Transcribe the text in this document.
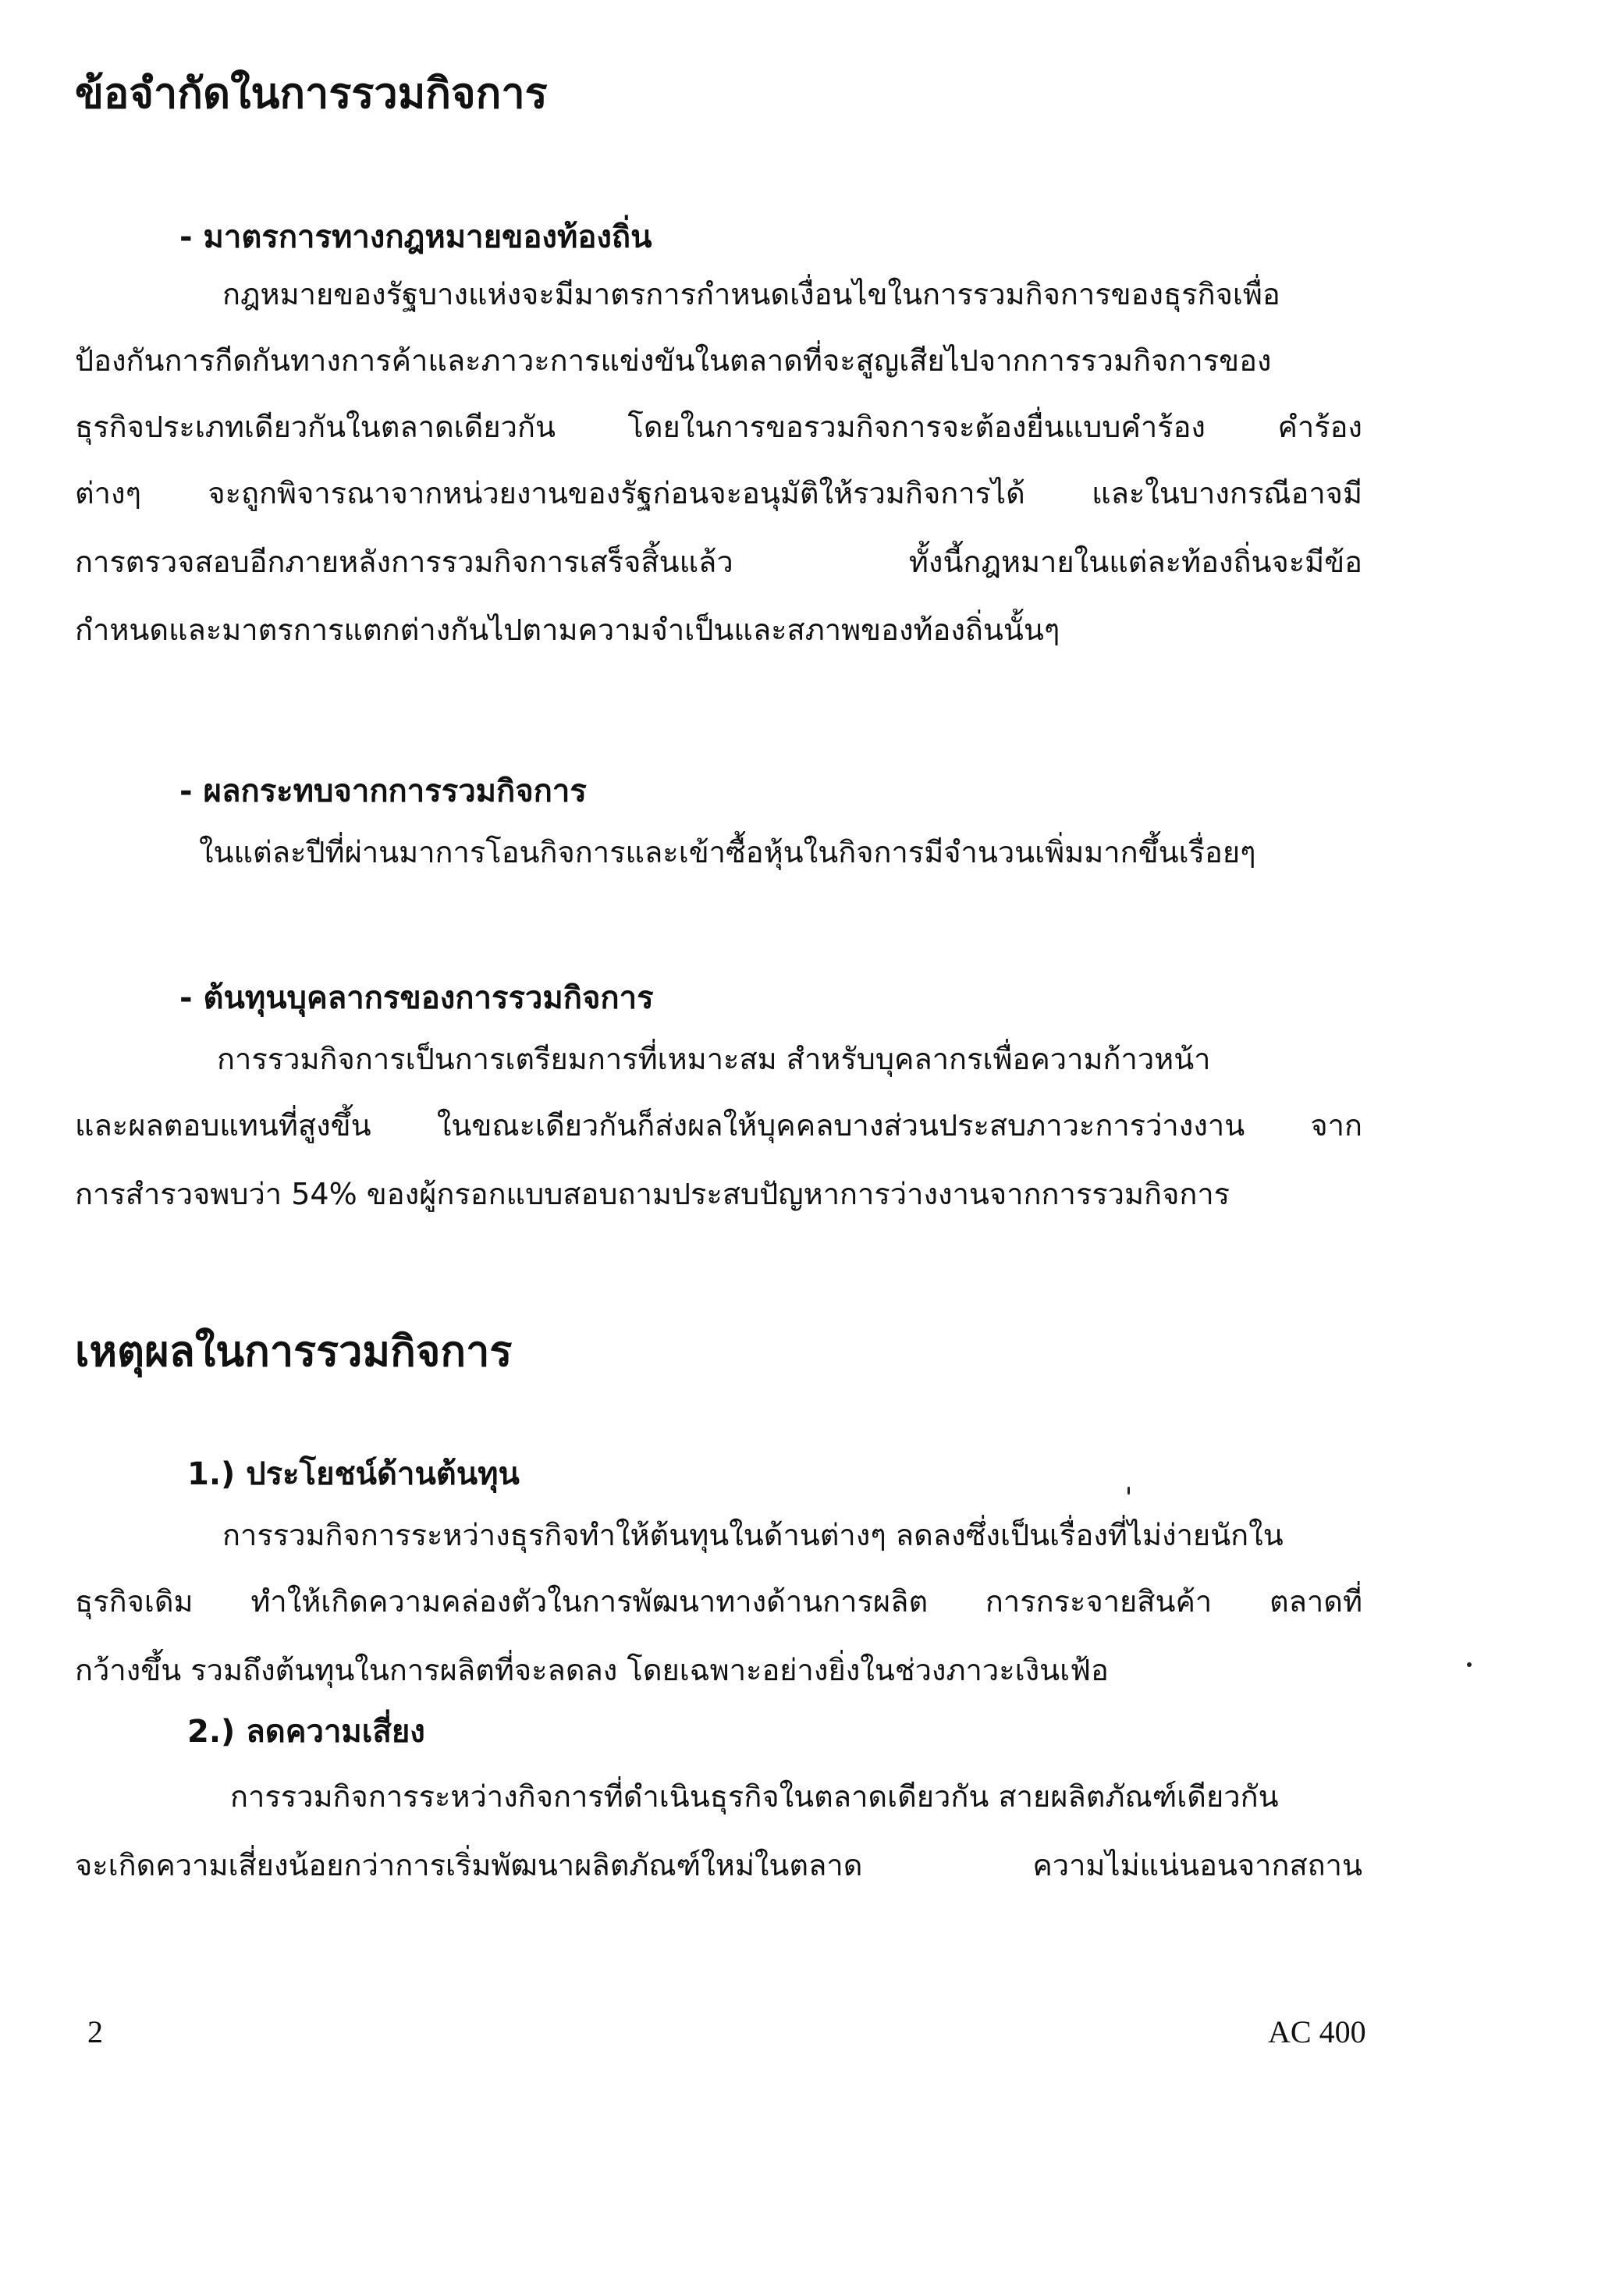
ข้อจำกัดในการรวมกิจการ
- มาตรการทางกฎหมายของท้องถิ่น
กฎหมายของรัฐบางแห่งจะมีมาตรการกำหนดเงื่อนไขในการรวมกิจการของธุรกิจเพื่อ
ป้องกันการกีดกันทางการค้าและภาวะการแข่งขันในตลาดที่จะสูญเสียไปจากการรวมกิจการของ
ธุรกิจประเภทเดียวกันในตลาดเดียวกัน โดยในการขอรวมกิจการจะต้องยื่นแบบคำร้อง คำร้อง
ต่างๆ จะถูกพิจารณาจากหน่วยงานของรัฐก่อนจะอนุมัติให้รวมกิจการได้ และในบางกรณีอาจมี
การตรวจสอบอีกภายหลังการรวมกิจการเสร็จสิ้นแล้ว ทั้งนี้กฎหมายในแต่ละท้องถิ่นจะมีข้อ
กำหนดและมาตรการแตกต่างกันไปตามความจำเป็นและสภาพของท้องถิ่นนั้นๆ
- ผลกระทบจากการรวมกิจการ
ในแต่ละปีที่ผ่านมาการโอนกิจการและเข้าซื้อหุ้นในกิจการมีจำนวนเพิ่มมากขึ้นเรื่อยๆ
- ต้นทุนบุคลากรของการรวมกิจการ
การรวมกิจการเป็นการเตรียมการที่เหมาะสม สำหรับบุคลากรเพื่อความก้าวหน้า
และผลตอบแทนที่สูงขึ้น ในขณะเดียวกันก็ส่งผลให้บุคคลบางส่วนประสบภาวะการว่างงาน จาก
การสำรวจพบว่า 54% ของผู้กรอกแบบสอบถามประสบปัญหาการว่างงานจากการรวมกิจการ
เหตุผลในการรวมกิจการ
1.) ประโยชน์ด้านต้นทุน
การรวมกิจการระหว่างธุรกิจทำให้ต้นทุนในด้านต่างๆ ลดลงซึ่งเป็นเรื่องที่ไม่ง่ายนักใน
ธุรกิจเดิม ทำให้เกิดความคล่องตัวในการพัฒนาทางด้านการผลิต การกระจายสินค้า ตลาดที่
กว้างขึ้น รวมถึงต้นทุนในการผลิตที่จะลดลง โดยเฉพาะอย่างยิ่งในช่วงภาวะเงินเฟ้อ
2.) ลดความเสี่ยง
การรวมกิจการระหว่างกิจการที่ดำเนินธุรกิจในตลาดเดียวกัน สายผลิตภัณฑ์เดียวกัน
จะเกิดความเสี่ยงน้อยกว่าการเริ่มพัฒนาผลิตภัณฑ์ใหม่ในตลาด ความไม่แน่นอนจากสถาน
2	AC 400
